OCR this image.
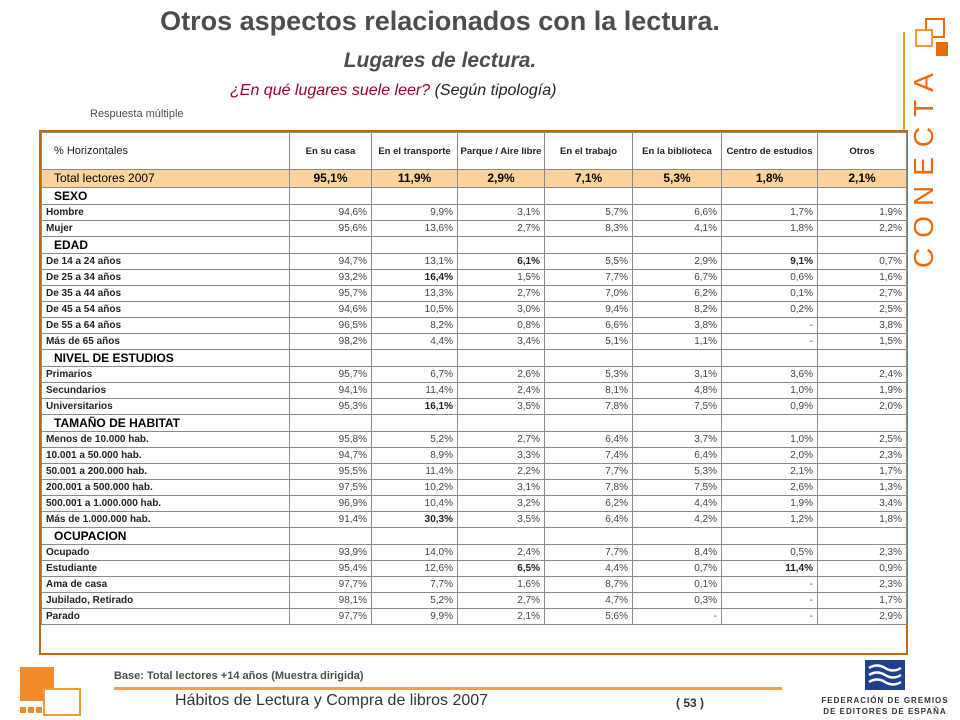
Otros aspectos relacionados con la lectura.
Lugares de lectura.
¿En qué lugares suele leer? (Según tipología)
Respuesta múltiple	CONECTA
% Horizontales	En su casa	En el transporte	Parque / Aire libre	En el trabajo	En la biblioteca	Centro de estudios	Otros
Total lectores 2007	95,1%	11,9%	2,9%	7,1%	5,3%	1,8%	2,1%
SEXO							
Hombre	94,6%	9,9%	3,1%	5,7%	6,6%	1,7%	1,9%
Mujer	95,6%	13,6%	2,7%	8,3%	4,1%	1,8%	2,2%
EDAD							
De 14 a 24 años	94,7%	13,1%	6,1%	5,5%	2,9%	9,1%	0,7%
De 25 a 34 años	93,2%	16,4%	1,5%	7,7%	6,7%	0,6%	1,6%
De 35 a 44 años	95,7%	13,3%	2,7%	7,0%	6,2%	0,1%	2,7%
De 45 a 54 años	94,6%	10,5%	3,0%	9,4%	8,2%	0,2%	2,5%
De 55 a 64 años	96,5%	8,2%	0,8%	6,6%	3,8%	-	3,8%
Más de 65 años	98,2%	4,4%	3,4%	5,1%	1,1%	-	1,5%
NIVEL DE ESTUDIOS							
Primarios	95,7%	6,7%	2,6%	5,3%	3,1%	3,6%	2,4%
Secundarios	94,1%	11,4%	2,4%	8,1%	4,8%	1,0%	1,9%
Universitarios	95,3%	16,1%	3,5%	7,8%	7,5%	0,9%	2,0%
TAMAÑO DE HABITAT							
Menos de 10.000 hab.	95,8%	5,2%	2,7%	6,4%	3,7%	1,0%	2,5%
10.001 a 50.000 hab.	94,7%	8,9%	3,3%	7,4%	6,4%	2,0%	2,3%
50.001 a 200.000 hab.	95,5%	11,4%	2,2%	7,7%	5,3%	2,1%	1,7%
200.001 a 500.000 hab.	97,5%	10,2%	3,1%	7,8%	7,5%	2,6%	1,3%
500.001 a 1.000.000 hab.	96,9%	10,4%	3,2%	6,2%	4,4%	1,9%	3,4%
Más de 1.000.000 hab.	91,4%	30,3%	3,5%	6,4%	4,2%	1,2%	1,8%
OCUPACION							
Ocupado	93,9%	14,0%	2,4%	7,7%	8,4%	0,5%	2,3%
Estudiante	95,4%	12,6%	6,5%	4,4%	0,7%	11,4%	0,9%
Ama de casa	97,7%	7,7%	1,6%	8,7%	0,1%	-	2,3%
Jubilado, Retirado	98,1%	5,2%	2,7%	4,7%	0,3%	-	1,7%
Parado	97,7%	9,9%	2,1%	5,6%	-	-	2,9%
Base: Total lectores +14 años (Muestra dirigida)
Hábitos de Lectura y Compra de libros 2007	( 53 )	FEDERACIÓN DE GREMIOS
DE EDITORES DE ESPAÑA
